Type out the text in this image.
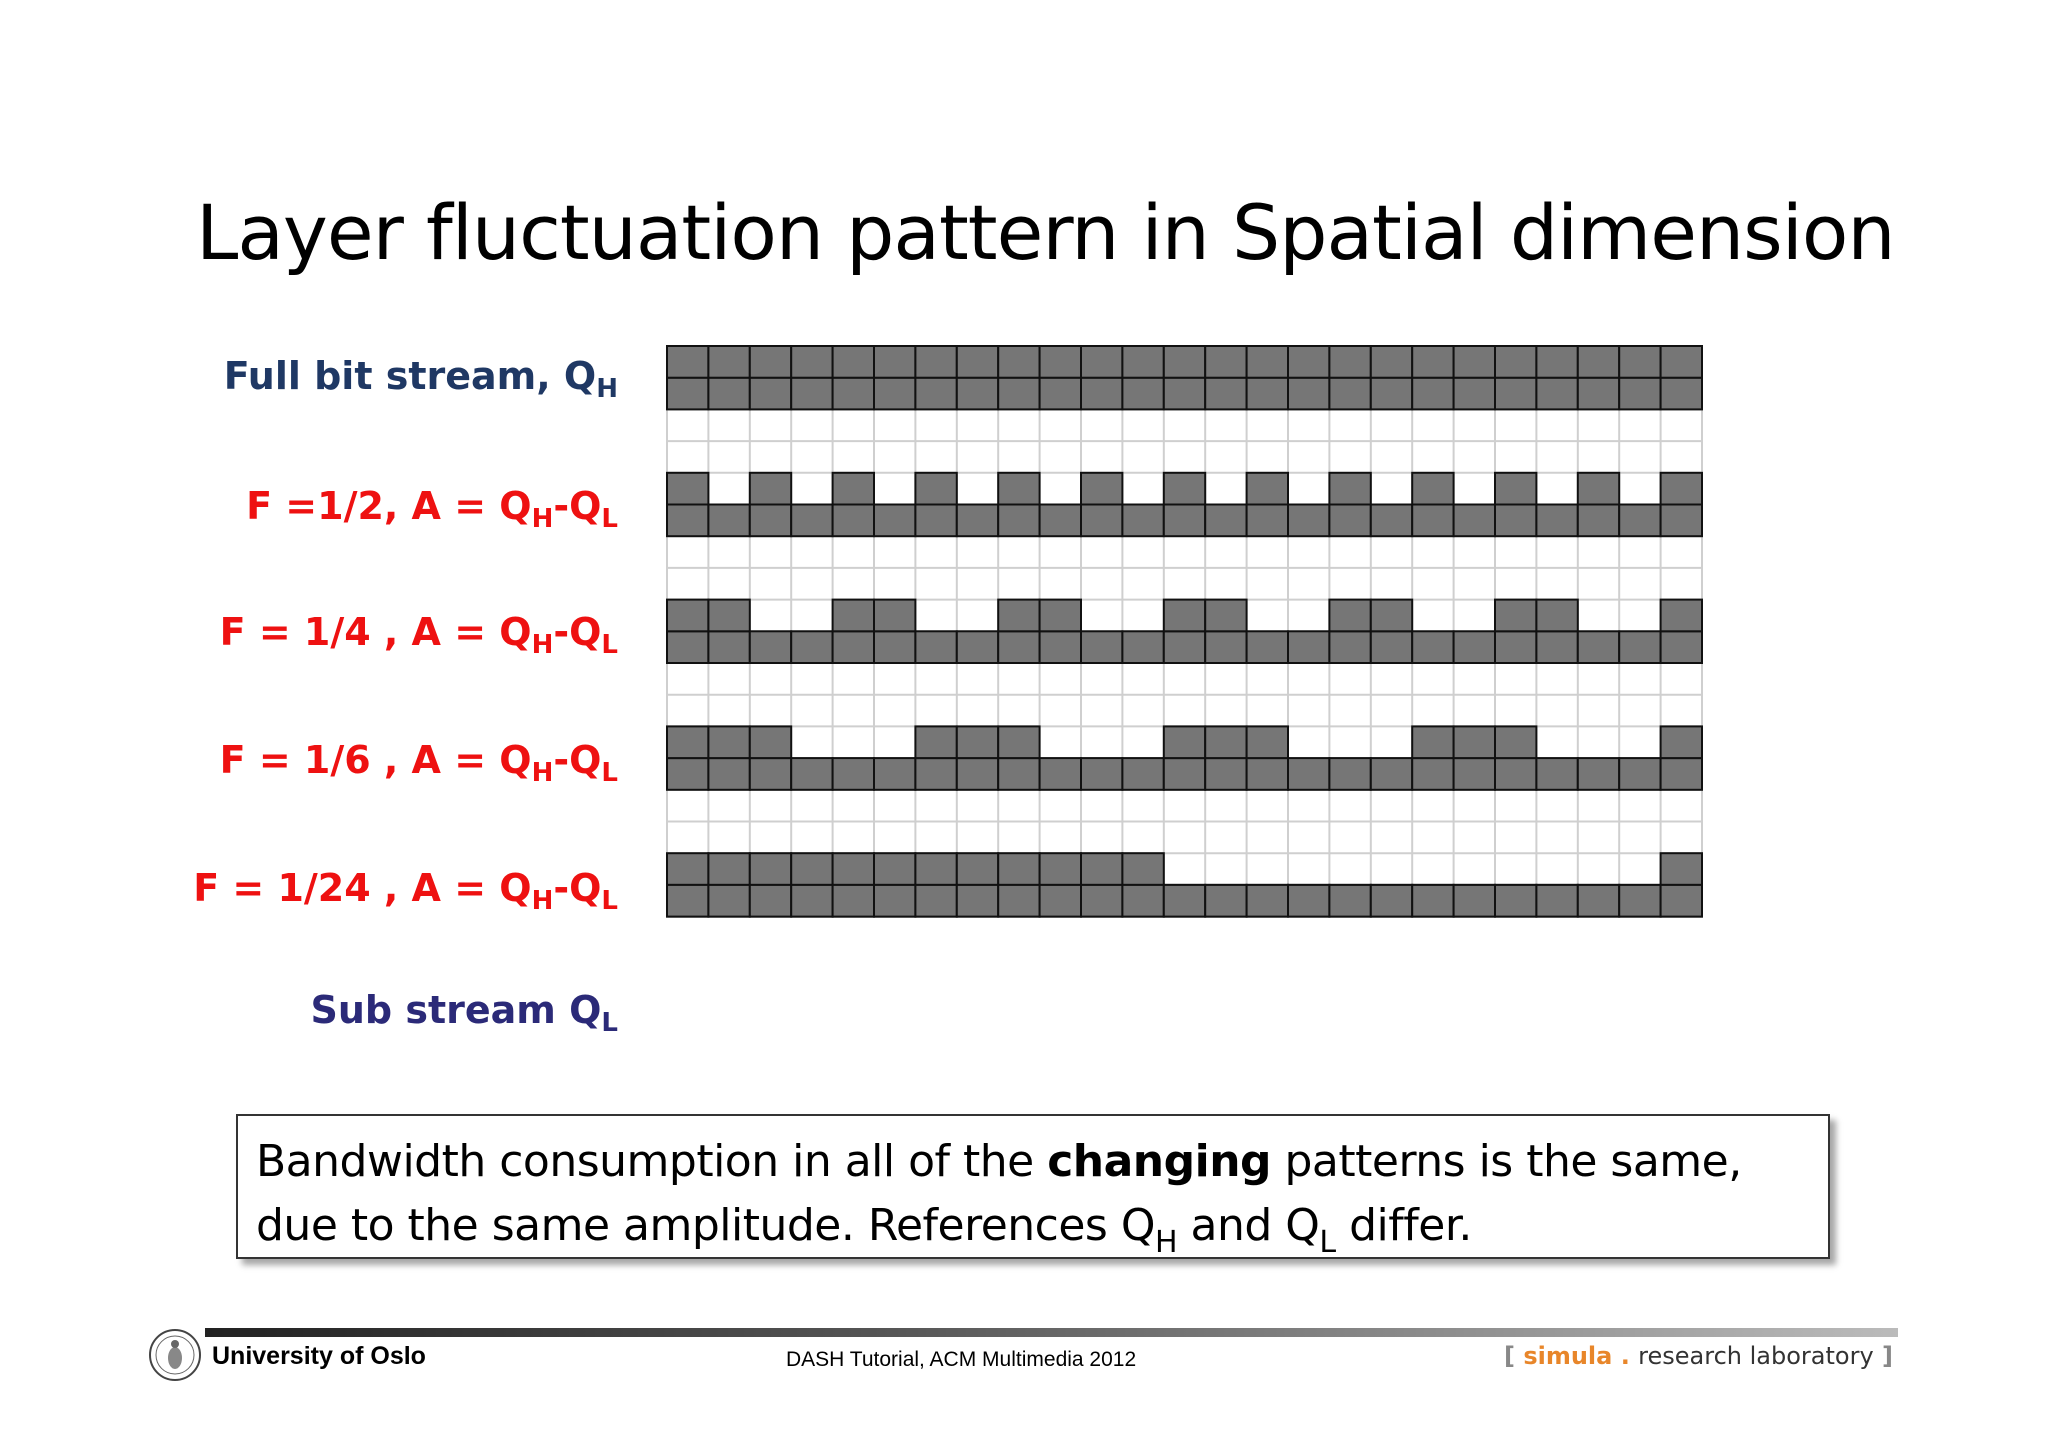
Layer fluctuation pattern in Spatial dimension
Full bit stream, $Q_H$
F =1/2, $A = Q_H-Q_L$
F = 1/4 , $A = Q_H-Q_L$
F = 1/6 , $A = Q_H-Q_L$
F = 1/24 , $A = Q_H-Q_L$
Sub stream $Q_L$
Bandwidth consumption in all of the changing patterns is the same,
due to the same amplitude. References $Q_H$ and $Q_L$ differ.
University of Oslo	DASH Tutorial, ACM Multimedia 2012	[ simula . research laboratory ]
